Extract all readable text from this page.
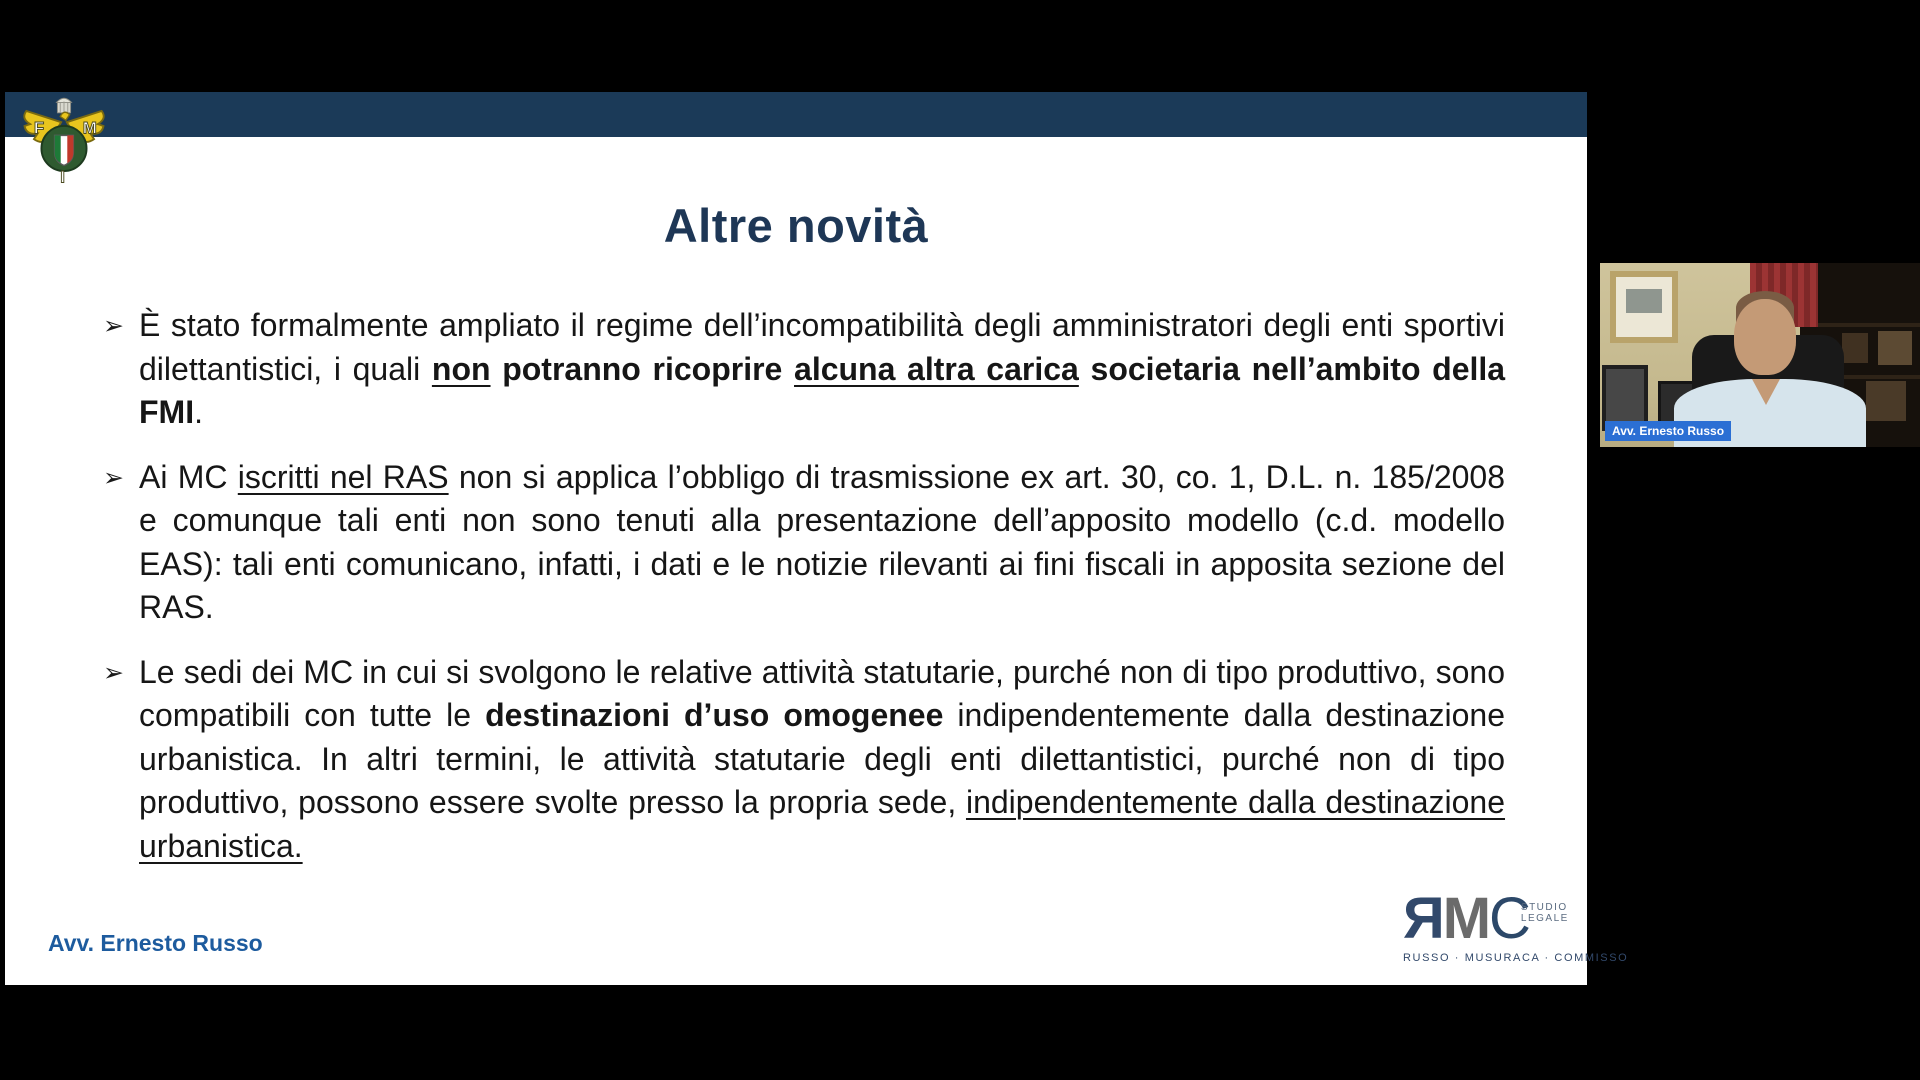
F M
I
Altre novità
➢ È stato formalmente ampliato il regime dell’incompatibilità degli amministratori degli enti sportivi dilettantistici, i quali non potranno ricoprire alcuna altra carica societaria nell’ambito della FMI.

➢ Ai MC iscritti nel RAS non si applica l’obbligo di trasmissione ex art. 30, co. 1, D.L. n. 185/2008 e comunque tali enti non sono tenuti alla presentazione dell’apposito modello (c.d. modello EAS): tali enti comunicano, infatti, i dati e le notizie rilevanti ai fini fiscali in apposita sezione del RAS.

➢ Le sedi dei MC in cui si svolgono le relative attività statutarie, purché non di tipo produttivo, sono compatibili con tutte le destinazioni d’uso omogenee indipendentemente dalla destinazione urbanistica. In altri termini, le attività statutarie degli enti dilettantistici, purché non di tipo produttivo, possono essere svolte presso la propria sede, indipendentemente dalla destinazione urbanistica.

Avv. Ernesto Russo	Я M C
STUDIO
LEGALE
RUSSO · MUSURACA · COMMISSO
Avv. Ernesto Russo
